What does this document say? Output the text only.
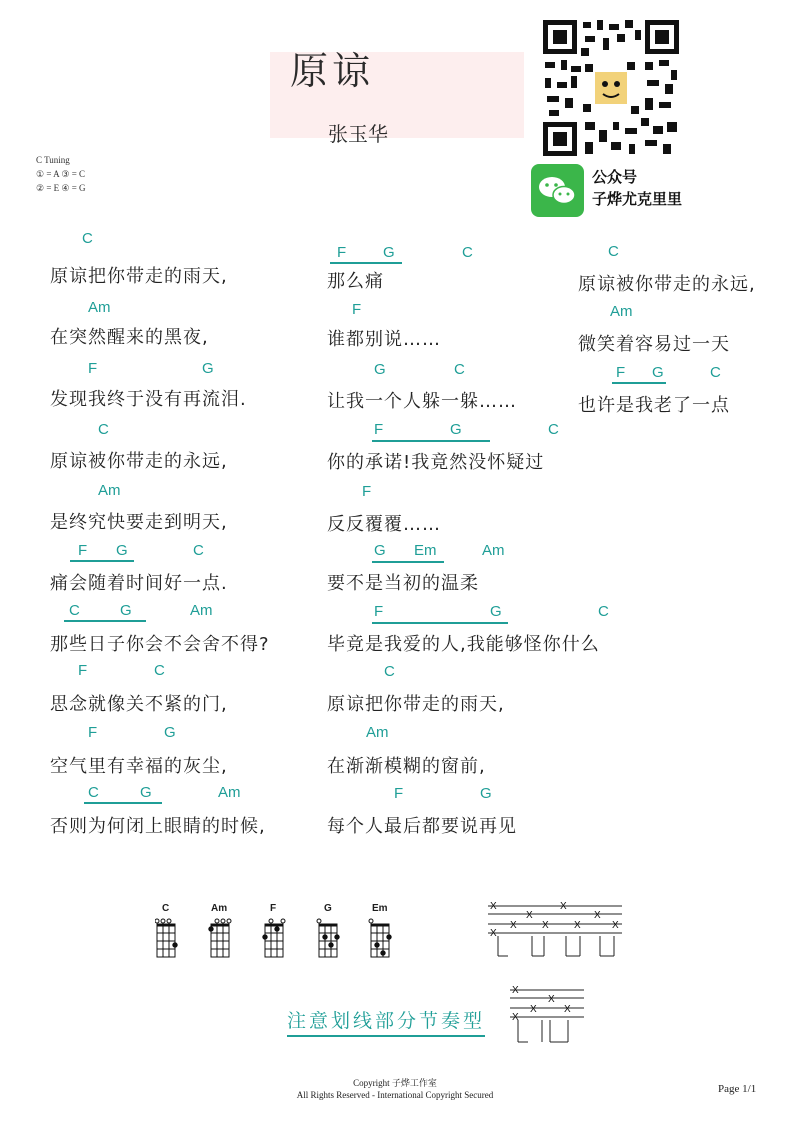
原谅
张玉华
C Tuning
① = A ③ = C
② = E ④ = G
公众号
子烨尤克里里
C
原谅把你带走的雨天,
Am
在突然醒来的黑夜,
F	G
发现我终于没有再流泪.
C
原谅被你带走的永远,
Am
是终究快要走到明天,
F G	C
痛会随着时间好一点.
C	G	Am
那些日子你会不会舍不得?
F	C
思念就像关不紧的门,
F	G
空气里有幸福的灰尘,
C	G	Am
否则为何闭上眼睛的时候,
F G	C
那么痛
F
谁都别说……
G	C
让我一个人躲一躲……
F	G	C
你的承诺!我竟然没怀疑过
F
反反覆覆……
G Em	Am
要不是当初的温柔
F	G	C
毕竟是我爱的人,我能够怪你什么
C
原谅把你带走的雨天,
Am
在渐渐模糊的窗前,
F	G
每个人最后都要说再见
C
原谅被你带走的永远,
Am
微笑着容易过一天
F G	C
也许是我老了一点
C	Am	F	G	Em	X
X
X
X
X
X
X
X
X
X
X
X
X
X
注意划线部分节奏型
Copyright 子烨工作室
All Rights Reserved - International Copyright Secured	Page 1/1
